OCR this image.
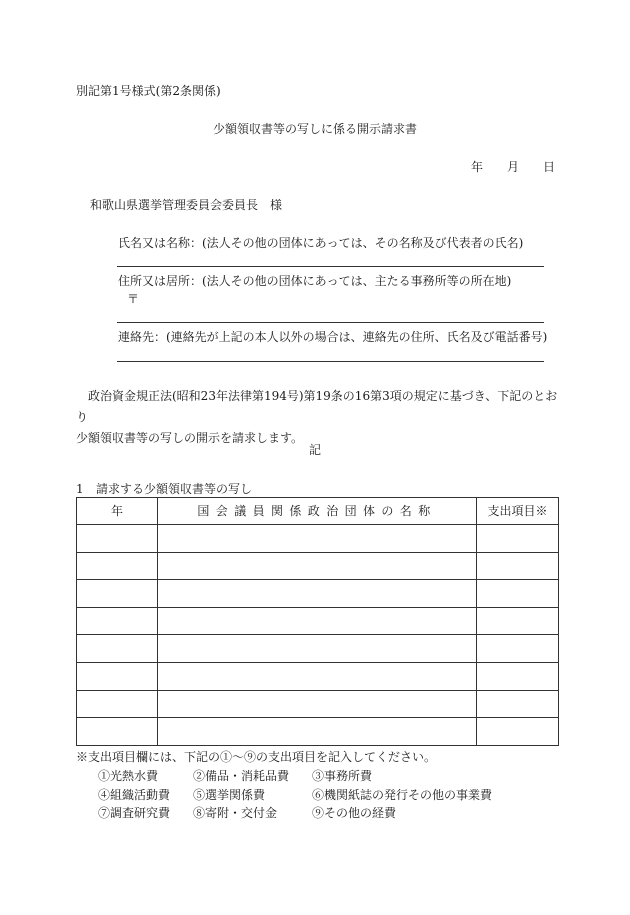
別記第1号様式(第2条関係)
少額領収書等の写しに係る開示請求書
年 月 日
和歌山県選挙管理委員会委員長　様
氏名又は名称：(法人その他の団体にあっては、その名称及び代表者の氏名)
住所又は居所：(法人その他の団体にあっては、主たる事務所等の所在地)
〒
連絡先：(連絡先が上記の本人以外の場合は、連絡先の住所、氏名及び電話番号)
政治資金規正法(昭和23年法律第194号)第19条の16第3項の規定に基づき、下記のとおり
少額領収書等の写しの開示を請求します。
記
1 請求する少額領収書等の写し
年	国会議員関係政治団体の名称	支出項目※

※支出項目欄には、下記の①～⑨の支出項目を記入してください。
①光熱水費	②備品・消耗品費 ③事務所費
④組織活動費 ⑤選挙関係費	⑥機関紙誌の発行その他の事業費
⑦調査研究費 ⑧寄附・交付金	⑨その他の経費
